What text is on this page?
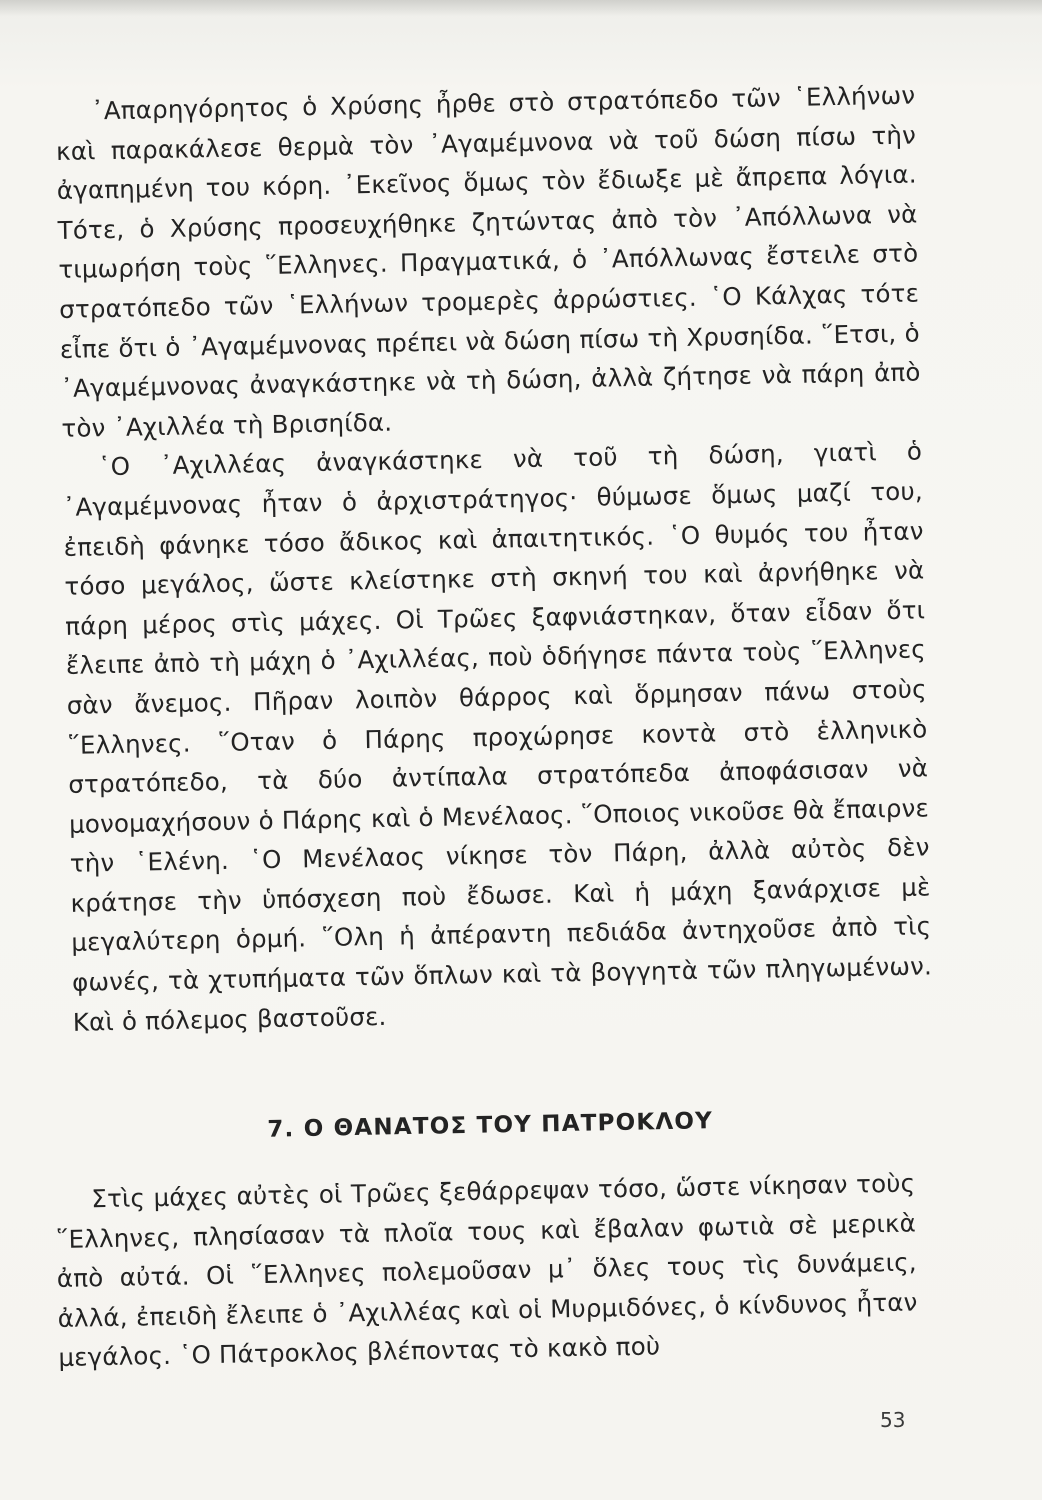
᾿Απαρηγόρητος ὁ Χρύσης ἦρθε στὸ στρατόπεδο τῶν ῾Ελλήνων καὶ παρακάλεσε θερμὰ τὸν ᾿Αγαμέμνονα νὰ τοῦ δώση πίσω τὴν ἀγαπημένη του κόρη. ᾿Εκεῖνος ὅμως τὸν ἔδιωξε μὲ ἄπρεπα λόγια. Τότε, ὁ Χρύσης προσευχήθηκε ζητώντας ἀπὸ τὸν ᾿Απόλλωνα νὰ τιμωρήση τοὺς ῞Ελληνες. Πραγματικά, ὁ ᾿Απόλλωνας ἔστειλε στὸ στρατόπεδο τῶν ῾Ελλήνων τρομερὲς ἀρρώστιες. ῾Ο Κάλχας τότε εἶπε ὅτι ὁ ᾿Αγαμέμνονας πρέπει νὰ δώση πίσω τὴ Χρυσηίδα. ῞Ετσι, ὁ ᾿Αγαμέμνονας ἀναγκάστηκε νὰ τὴ δώση, ἀλλὰ ζήτησε νὰ πάρη ἀπὸ τὸν ᾿Αχιλλέα τὴ Βρισηίδα.

῾Ο ᾿Αχιλλέας ἀναγκάστηκε νὰ τοῦ τὴ δώση, γιατὶ ὁ ᾿Αγαμέμνονας ἦταν ὁ ἀρχιστράτηγος· θύμωσε ὅμως μαζί του, ἐπειδὴ φάνηκε τόσο ἄδικος καὶ ἀπαιτητικός. ῾Ο θυμός του ἦταν τόσο μεγάλος, ὥστε κλείστηκε στὴ σκηνή του καὶ ἀρνήθηκε νὰ πάρη μέρος στὶς μάχες. Οἱ Τρῶες ξαφνιάστηκαν, ὅταν εἶδαν ὅτι ἔλειπε ἀπὸ τὴ μάχη ὁ ᾿Αχιλλέας, ποὺ ὁδήγησε πάντα τοὺς ῞Ελληνες σὰν ἄνεμος. Πῆραν λοιπὸν θάρρος καὶ ὅρμησαν πάνω στοὺς ῞Ελληνες. ῞Οταν ὁ Πάρης προχώρησε κοντὰ στὸ ἑλληνικὸ στρατόπεδο, τὰ δύο ἀντίπαλα στρατόπεδα ἀποφάσισαν νὰ μονομαχήσουν ὁ Πάρης καὶ ὁ Μενέλαος. ῞Οποιος νικοῦσε θὰ ἔπαιρνε τὴν ῾Ελένη. ῾Ο Μενέλαος νίκησε τὸν Πάρη, ἀλλὰ αὐτὸς δὲν κράτησε τὴν ὑπόσχεση ποὺ ἔδωσε. Καὶ ἡ μάχη ξανάρχισε μὲ μεγαλύτερη ὁρμή. ῞Ολη ἡ ἀπέραντη πεδιάδα ἀντηχοῦσε ἀπὸ τὶς φωνές, τὰ χτυπήματα τῶν ὅπλων καὶ τὰ βογγητὰ τῶν πληγωμένων. Καὶ ὁ πόλεμος βαστοῦσε.

7. Ο ΘΑΝΑΤΟΣ ΤΟΥ ΠΑΤΡΟΚΛΟΥ

Στὶς μάχες αὐτὲς οἱ Τρῶες ξεθάρρεψαν τόσο, ὥστε νίκησαν τοὺς ῞Ελληνες, πλησίασαν τὰ πλοῖα τους καὶ ἔβαλαν φωτιὰ σὲ μερικὰ ἀπὸ αὐτά. Οἱ ῞Ελληνες πολεμοῦσαν μ᾿ ὅλες τους τὶς δυνάμεις, ἀλλά, ἐπειδὴ ἔλειπε ὁ ᾿Αχιλλέας καὶ οἱ Μυρμιδόνες, ὁ κίνδυνος ἦταν μεγάλος. ῾Ο Πάτροκλος βλέποντας τὸ κακὸ ποὺ

53
